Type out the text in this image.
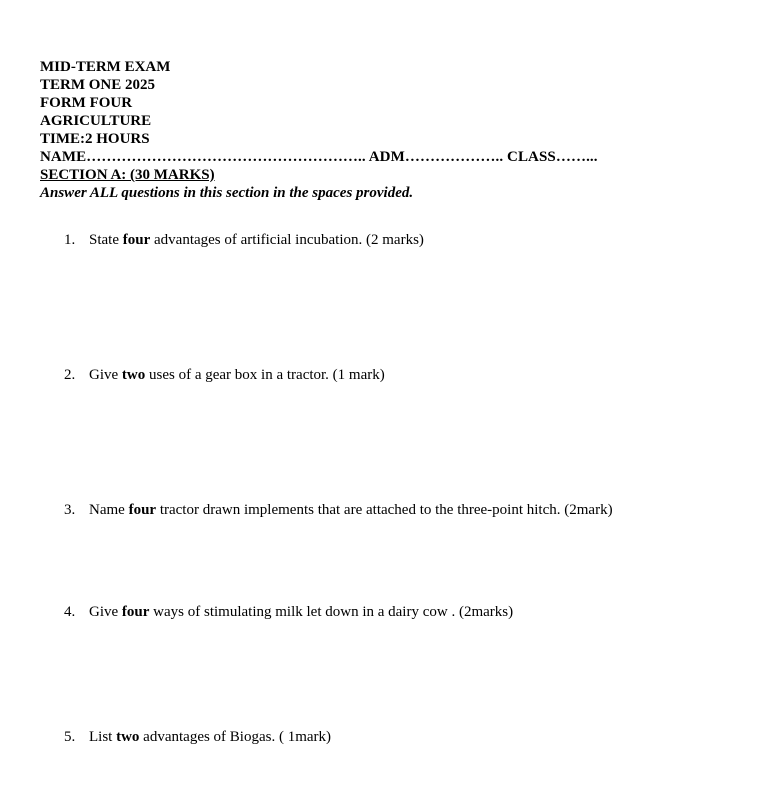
MID-TERM EXAM
TERM ONE 2025
FORM FOUR
AGRICULTURE
TIME:2 HOURS
NAME……………………………………………….. ADM……………….. CLASS……...
SECTION A: (30 MARKS)
Answer ALL questions in this section in the spaces provided.
1. State four advantages of artificial incubation. (2 marks)
2. Give two uses of a gear box in a tractor. (1 mark)
3. Name four tractor drawn implements that are attached to the three-point hitch. (2mark)
4. Give four ways of stimulating milk let down in a dairy cow . (2marks)
5. List two advantages of Biogas. ( 1mark)
